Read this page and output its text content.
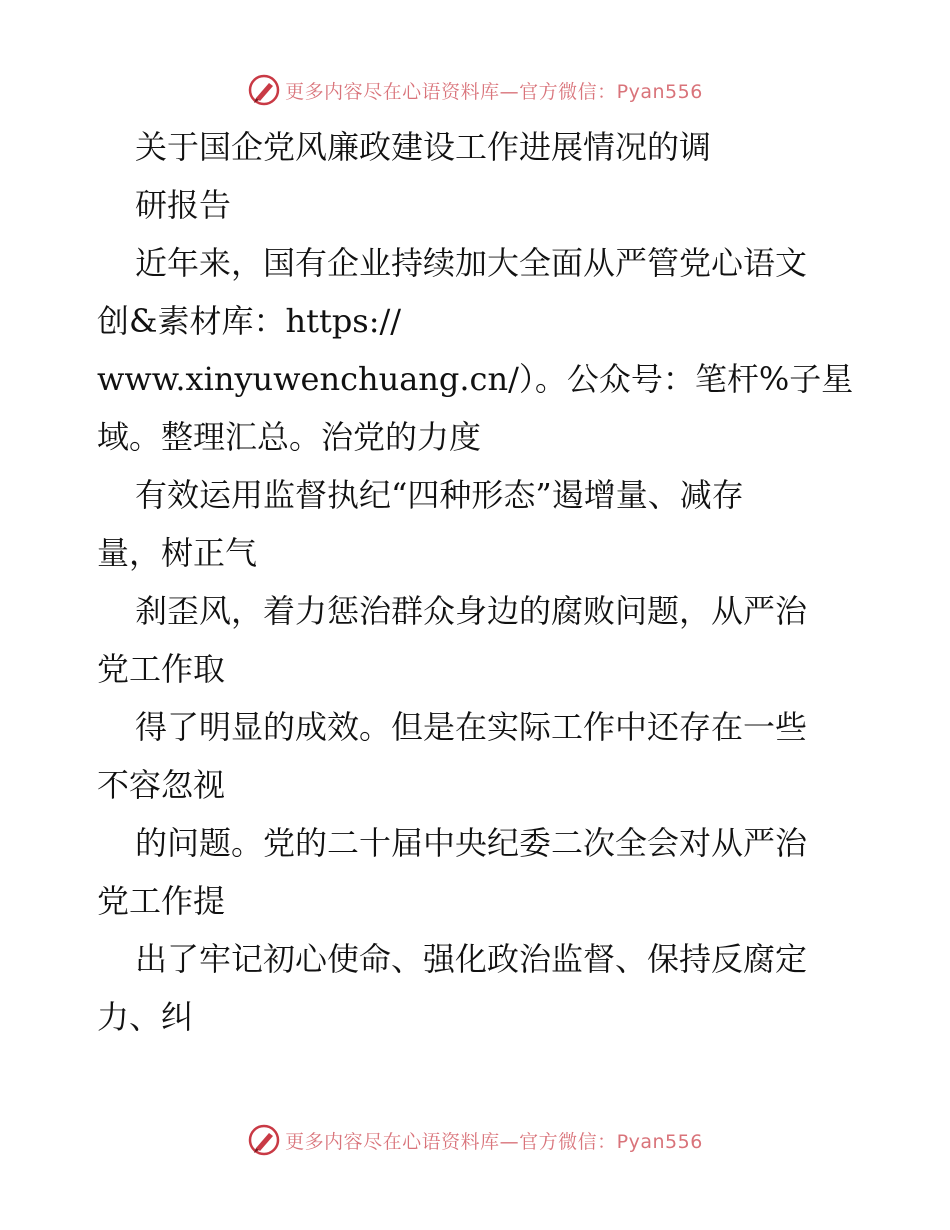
更多内容尽在心语资料库—官方微信：Pyan556
关于国企党风廉政建设工作进展情况的调
研报告
近年来，国有企业持续加大全面从严管党心语文
创&素材库：https://
www.xinyuwenchuang.cn/）。公众号：笔杆%子星
域。整理汇总。治党的力度
有效运用监督执纪“四种形态”遏增量、减存
量，树正气
刹歪风，着力惩治群众身边的腐败问题，从严治
党工作取
得了明显的成效。但是在实际工作中还存在一些
不容忽视
的问题。党的二十届中央纪委二次全会对从严治
党工作提
出了牢记初心使命、强化政治监督、保持反腐定
力、纠
更多内容尽在心语资料库—官方微信：Pyan556
